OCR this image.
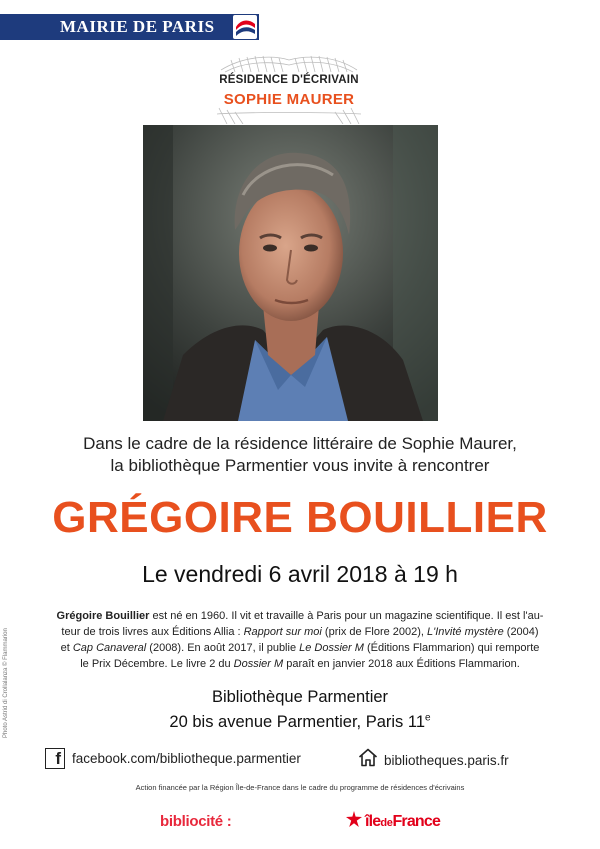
MAIRIE DE PARIS
RÉSIDENCE D'ÉCRIVAIN
SOPHIE MAURER
Dans le cadre de la résidence littéraire de Sophie Maurer,
la bibliothèque Parmentier vous invite à rencontrer
GRÉGOIRE BOUILLIER
Le vendredi 6 avril 2018 à 19 h
Grégoire Bouillier est né en 1960. Il vit et travaille à Paris pour un magazine scientifique. Il est l'au-
teur de trois livres aux Éditions Allia : Rapport sur moi (prix de Flore 2002), L'Invité mystère (2004)
et Cap Canaveral (2008). En août 2017, il publie Le Dossier M (Éditions Flammarion) qui remporte
le Prix Décembre. Le livre 2 du Dossier M paraît en janvier 2018 aux Éditions Flammarion.
Bibliothèque Parmentier
20 bis avenue Parmentier, Paris 11e
Photo Astrid di Crollalanza © Flammarion
f facebook.com/bibliotheque.parmentier	bibliotheques.paris.fr
Action financée par la Région Île-de-France dans le cadre du programme de résidences d'écrivains
bibliocité :	îledeFrance
